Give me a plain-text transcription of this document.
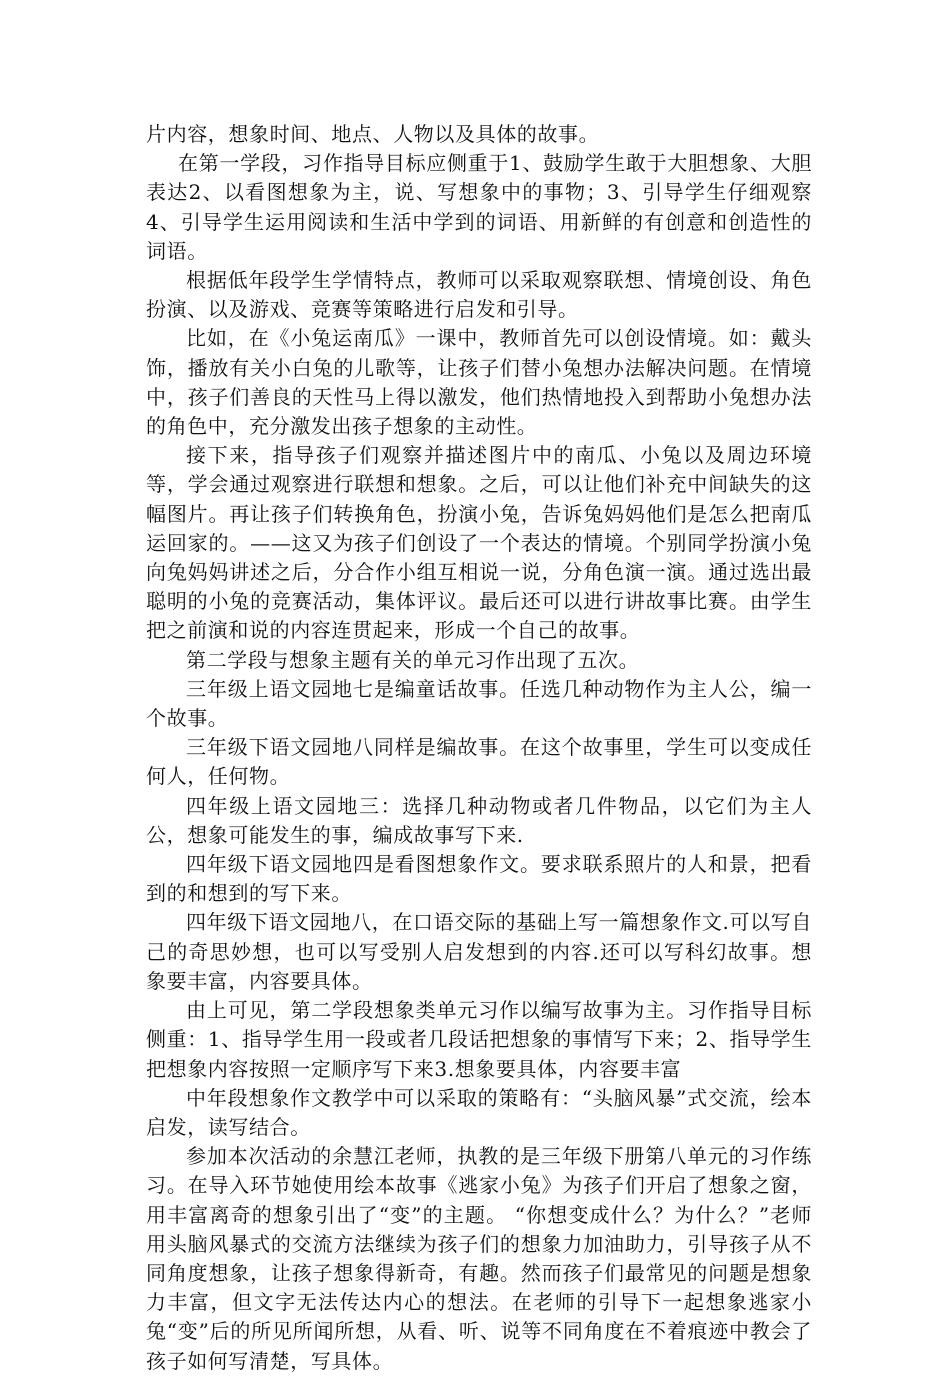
片内容，想象时间、地点、人物以及具体的故事。

在第一学段，习作指导目标应侧重于1、鼓励学生敢于大胆想象、大胆表达2、以看图想象为主，说、写想象中的事物；3、引导学生仔细观察4、引导学生运用阅读和生活中学到的词语、用新鲜的有创意和创造性的词语。

根据低年段学生学情特点，教师可以采取观察联想、情境创设、角色扮演、以及游戏、竞赛等策略进行启发和引导。

比如，在《小兔运南瓜》一课中，教师首先可以创设情境。如：戴头饰，播放有关小白兔的儿歌等，让孩子们替小兔想办法解决问题。在情境中，孩子们善良的天性马上得以激发，他们热情地投入到帮助小兔想办法的角色中，充分激发出孩子想象的主动性。

接下来，指导孩子们观察并描述图片中的南瓜、小兔以及周边环境等，学会通过观察进行联想和想象。之后，可以让他们补充中间缺失的这幅图片。再让孩子们转换角色，扮演小兔，告诉兔妈妈他们是怎么把南瓜运回家的。——这又为孩子们创设了一个表达的情境。个别同学扮演小兔向兔妈妈讲述之后，分合作小组互相说一说，分角色演一演。通过选出最聪明的小兔的竞赛活动，集体评议。最后还可以进行讲故事比赛。由学生把之前演和说的内容连贯起来，形成一个自己的故事。

第二学段与想象主题有关的单元习作出现了五次。

三年级上语文园地七是编童话故事。任选几种动物作为主人公，编一个故事。

三年级下语文园地八同样是编故事。在这个故事里，学生可以变成任何人，任何物。

四年级上语文园地三：选择几种动物或者几件物品，以它们为主人公，想象可能发生的事，编成故事写下来.

四年级下语文园地四是看图想象作文。要求联系照片的人和景，把看到的和想到的写下来。

四年级下语文园地八，在口语交际的基础上写一篇想象作文.可以写自己的奇思妙想，也可以写受别人启发想到的内容.还可以写科幻故事。想象要丰富，内容要具体。

由上可见，第二学段想象类单元习作以编写故事为主。习作指导目标侧重：1、指导学生用一段或者几段话把想象的事情写下来；2、指导学生把想象内容按照一定顺序写下来3.想象要具体，内容要丰富

中年段想象作文教学中可以采取的策略有：“头脑风暴”式交流，绘本启发，读写结合。

参加本次活动的余慧江老师，执教的是三年级下册第八单元的习作练习。在导入环节她使用绘本故事《逃家小兔》为孩子们开启了想象之窗，用丰富离奇的想象引出了“变”的主题。 “你想变成什么？为什么？”老师用头脑风暴式的交流方法继续为孩子们的想象力加油助力，引导孩子从不同角度想象，让孩子想象得新奇，有趣。然而孩子们最常见的问题是想象力丰富，但文字无法传达内心的想法。在老师的引导下一起想象逃家小兔“变”后的所见所闻所想，从看、听、说等不同角度在不着痕迹中教会了孩子如何写清楚，写具体。
